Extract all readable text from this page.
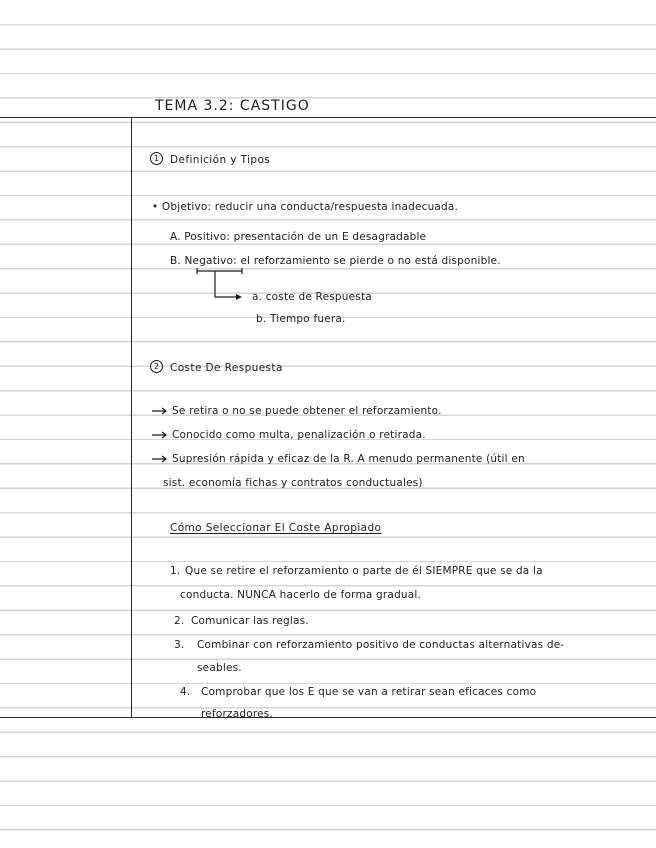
TEMA 3.2: CASTIGO
1	Definición y Tipos
• Objetivo: reducir una conducta/respuesta inadecuada.
A. Positivo: presentación de un E desagradable
B. Negativo: el reforzamiento se pierde o no está disponible.
a. coste de Respuesta
b. Tiempo fuera.
2	Coste De Respuesta
Se retira o no se puede obtener el reforzamiento.
Conocido como multa, penalización o retirada.
Supresión rápida y eficaz de la R. A menudo permanente (útil en
sist. economía fichas y contratos conductuales)
Cómo Seleccionar El Coste Apropiado
1. Que se retire el reforzamiento o parte de él SIEMPRE que se da la
conducta. NUNCA hacerlo de forma gradual.
2. Comunicar las reglas.
3. Combinar con reforzamiento positivo de conductas alternativas de-
seables.
4. Comprobar que los E que se van a retirar sean eficaces como
reforzadores.
